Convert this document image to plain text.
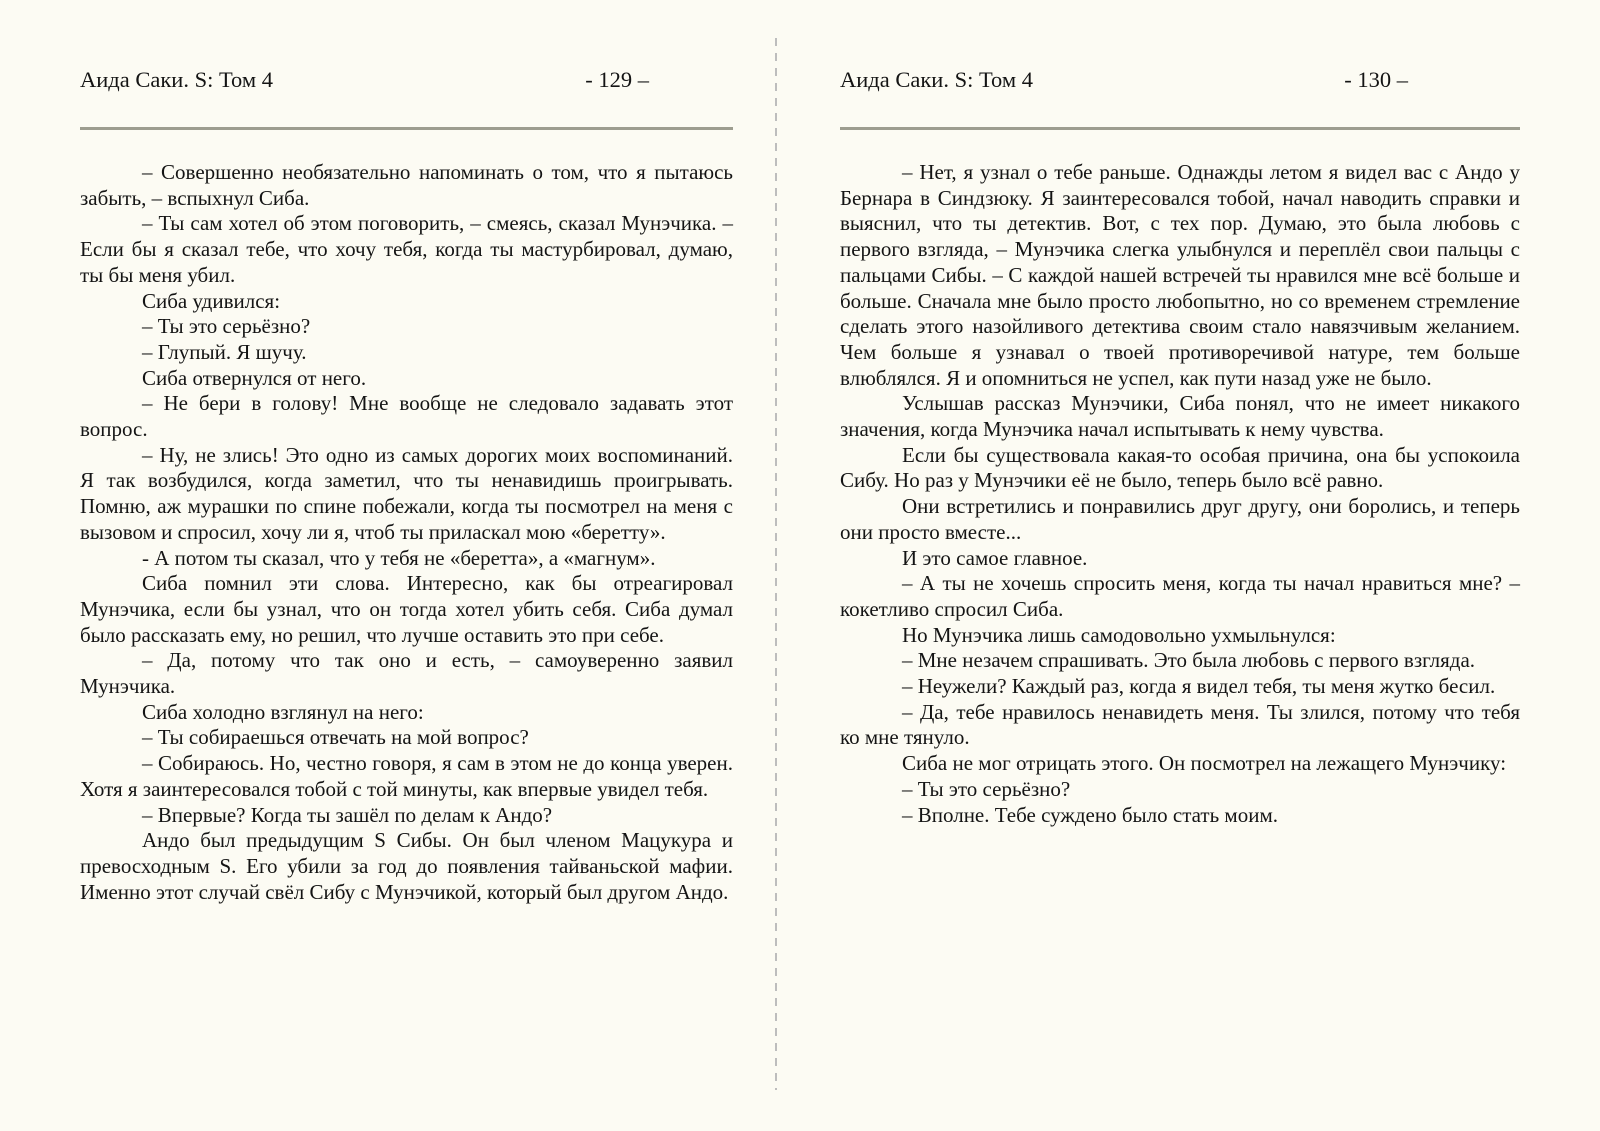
Аида Саки. S: Том 4	- 129 –

– Совершенно необязательно напоминать о том, что я пытаюсь забыть, – вспыхнул Сиба.

– Ты сам хотел об этом поговорить, – смеясь, сказал Мунэчика. – Если бы я сказал тебе, что хочу тебя, когда ты мастурбировал, думаю, ты бы меня убил.

Сиба удивился:

– Ты это серьёзно?

– Глупый. Я шучу.

Сиба отвернулся от него.

– Не бери в голову! Мне вообще не следовало задавать этот вопрос.

– Ну, не злись! Это одно из самых дорогих моих воспоминаний. Я так возбудился, когда заметил, что ты ненавидишь проигрывать. Помню, аж мурашки по спине побежали, когда ты посмотрел на меня с вызовом и спросил, хочу ли я, чтоб ты приласкал мою «беретту».

- А потом ты сказал, что у тебя не «беретта», а «магнум».

Сиба помнил эти слова. Интересно, как бы отреагировал Мунэчика, если бы узнал, что он тогда хотел убить себя. Сиба думал было рассказать ему, но решил, что лучше оставить это при себе.

– Да, потому что так оно и есть, – самоуверенно заявил Мунэчика.

Сиба холодно взглянул на него:

– Ты собираешься отвечать на мой вопрос?

– Собираюсь. Но, честно говоря, я сам в этом не до конца уверен. Хотя я заинтересовался тобой с той минуты, как впервые увидел тебя.

– Впервые? Когда ты зашёл по делам к Андо?

Андо был предыдущим S Сибы. Он был членом Мацукура и превосходным S. Его убили за год до появления тайваньской мафии. Именно этот случай свёл Сибу с Мунэчикой, который был другом Андо.

Аида Саки. S: Том 4	- 130 –

– Нет, я узнал о тебе раньше. Однажды летом я видел вас с Андо у Бернара в Синдзюку. Я заинтересовался тобой, начал наводить справки и выяснил, что ты детектив. Вот, с тех пор. Думаю, это была любовь с первого взгляда, – Мунэчика слегка улыбнулся и переплёл свои пальцы с пальцами Сибы. – С каждой нашей встречей ты нравился мне всё больше и больше. Сначала мне было просто любопытно, но со временем стремление сделать этого назойливого детектива своим стало навязчивым желанием. Чем больше я узнавал о твоей противоречивой натуре, тем больше влюблялся. Я и опомниться не успел, как пути назад уже не было.

Услышав рассказ Мунэчики, Сиба понял, что не имеет никакого значения, когда Мунэчика начал испытывать к нему чувства.

Если бы существовала какая-то особая причина, она бы успокоила Сибу. Но раз у Мунэчики её не было, теперь было всё равно.

Они встретились и понравились друг другу, они боролись, и теперь они просто вместе...

И это самое главное.

– А ты не хочешь спросить меня, когда ты начал нравиться мне? – кокетливо спросил Сиба.

Но Мунэчика лишь самодовольно ухмыльнулся:

– Мне незачем спрашивать. Это была любовь с первого взгляда.

– Неужели? Каждый раз, когда я видел тебя, ты меня жутко бесил.

– Да, тебе нравилось ненавидеть меня. Ты злился, потому что тебя ко мне тянуло.

Сиба не мог отрицать этого. Он посмотрел на лежащего Мунэчику:

– Ты это серьёзно?

– Вполне. Тебе суждено было стать моим.
